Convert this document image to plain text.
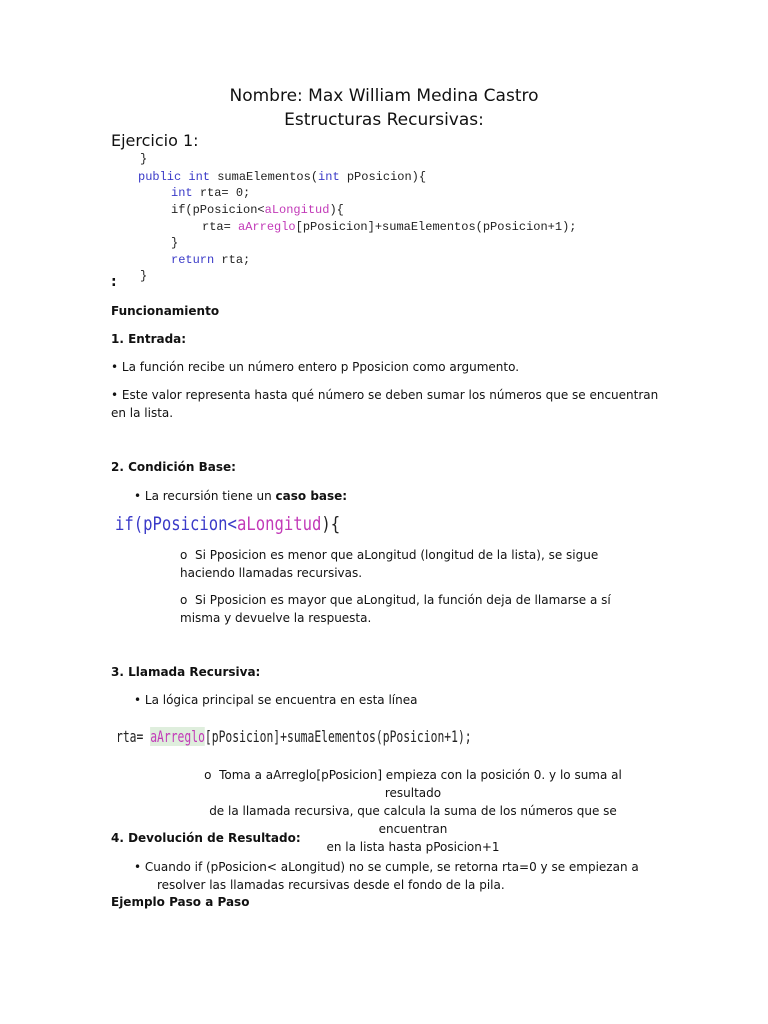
Nombre: Max William Medina Castro
Estructuras Recursivas:
Ejercicio 1:
}
public int sumaElementos(int pPosicion){
int rta= 0;
if(pPosicion<aLongitud){
rta= aArreglo[pPosicion]+sumaElementos(pPosicion+1);
}
return rta;
}
:
Funcionamiento
1. Entrada:
• La función recibe un número entero p Pposicion como argumento.
• Este valor representa hasta qué número se deben sumar los números que se encuentran en la lista.
2. Condición Base:
• La recursión tiene un caso base:
if(pPosicion<aLongitud){
o Si Pposicion es menor que aLongitud (longitud de la lista), se sigue haciendo llamadas recursivas.
o Si Pposicion es mayor que aLongitud, la función deja de llamarse a sí misma y devuelve la respuesta.
3. Llamada Recursiva:
• La lógica principal se encuentra en esta línea
rta= aArreglo[pPosicion]+sumaElementos(pPosicion+1);
o Toma a aArreglo[pPosicion] empieza con la posición 0. y lo suma al resultado
de la llamada recursiva, que calcula la suma de los números que se encuentran
en la lista hasta pPosicion+1
4. Devolución de Resultado:
• Cuando if (pPosicion< aLongitud) no se cumple, se retorna rta=0 y se empiezan a
resolver las llamadas recursivas desde el fondo de la pila.
Ejemplo Paso a Paso
